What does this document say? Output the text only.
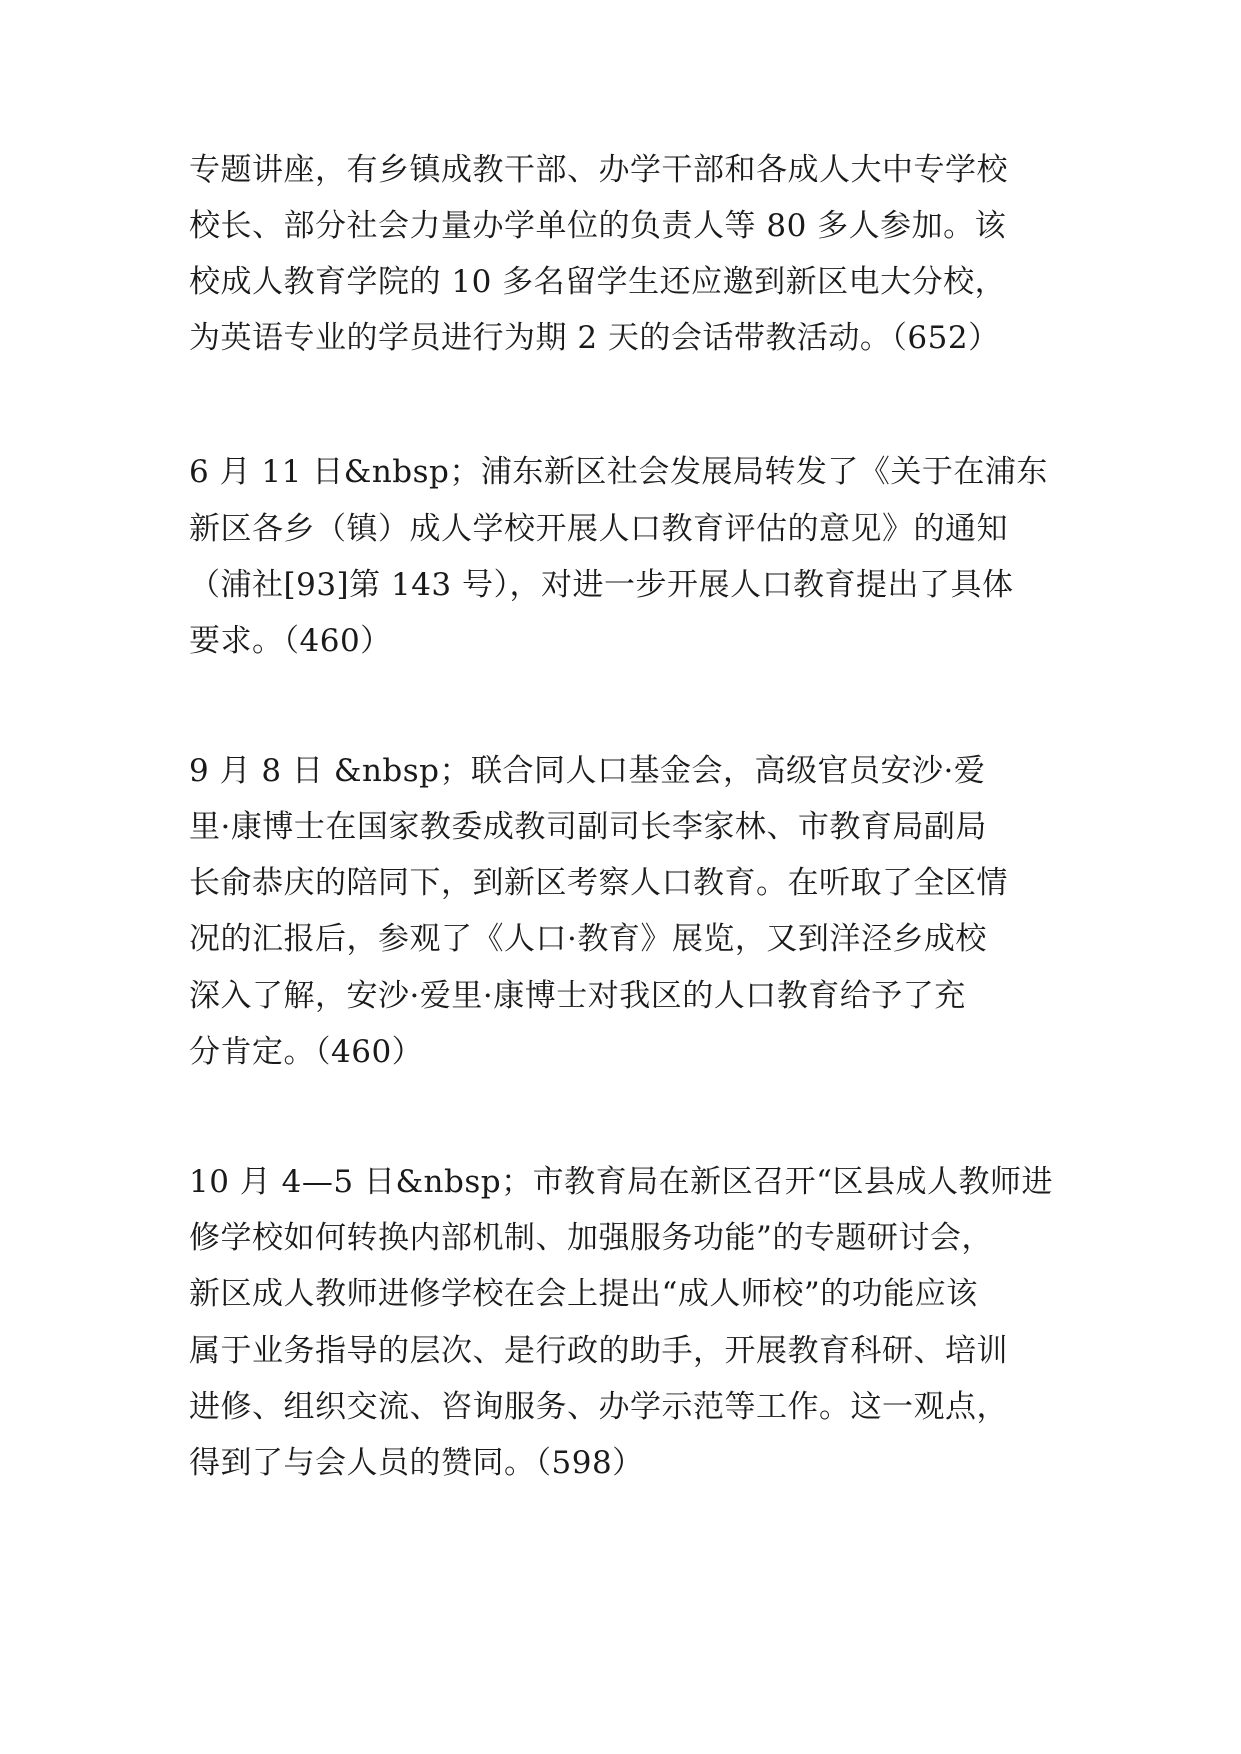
专题讲座，有乡镇成教干部、办学干部和各成人大中专学校

校长、部分社会力量办学单位的负责人等 80 多人参加。该

校成人教育学院的 10 多名留学生还应邀到新区电大分校，

为英语专业的学员进行为期 2 天的会话带教活动。（652）

6 月 11 日&nbsp；浦东新区社会发展局转发了《关于在浦东

新区各乡（镇）成人学校开展人口教育评估的意见》的通知

（浦社[93]第 143 号），对进一步开展人口教育提出了具体

要求。（460）

9 月 8 日 &nbsp；联合同人口基金会，高级官员安沙·爱

里·康博士在国家教委成教司副司长李家林、市教育局副局

长俞恭庆的陪同下，到新区考察人口教育。在听取了全区情

况的汇报后，参观了《人口·教育》展览，又到洋泾乡成校

深入了解，安沙·爱里·康博士对我区的人口教育给予了充

分肯定。（460）

10 月 4—5 日&nbsp；市教育局在新区召开“区县成人教师进

修学校如何转换内部机制、加强服务功能”的专题研讨会，

新区成人教师进修学校在会上提出“成人师校”的功能应该

属于业务指导的层次、是行政的助手，开展教育科研、培训

进修、组织交流、咨询服务、办学示范等工作。这一观点，

得到了与会人员的赞同。（598）
